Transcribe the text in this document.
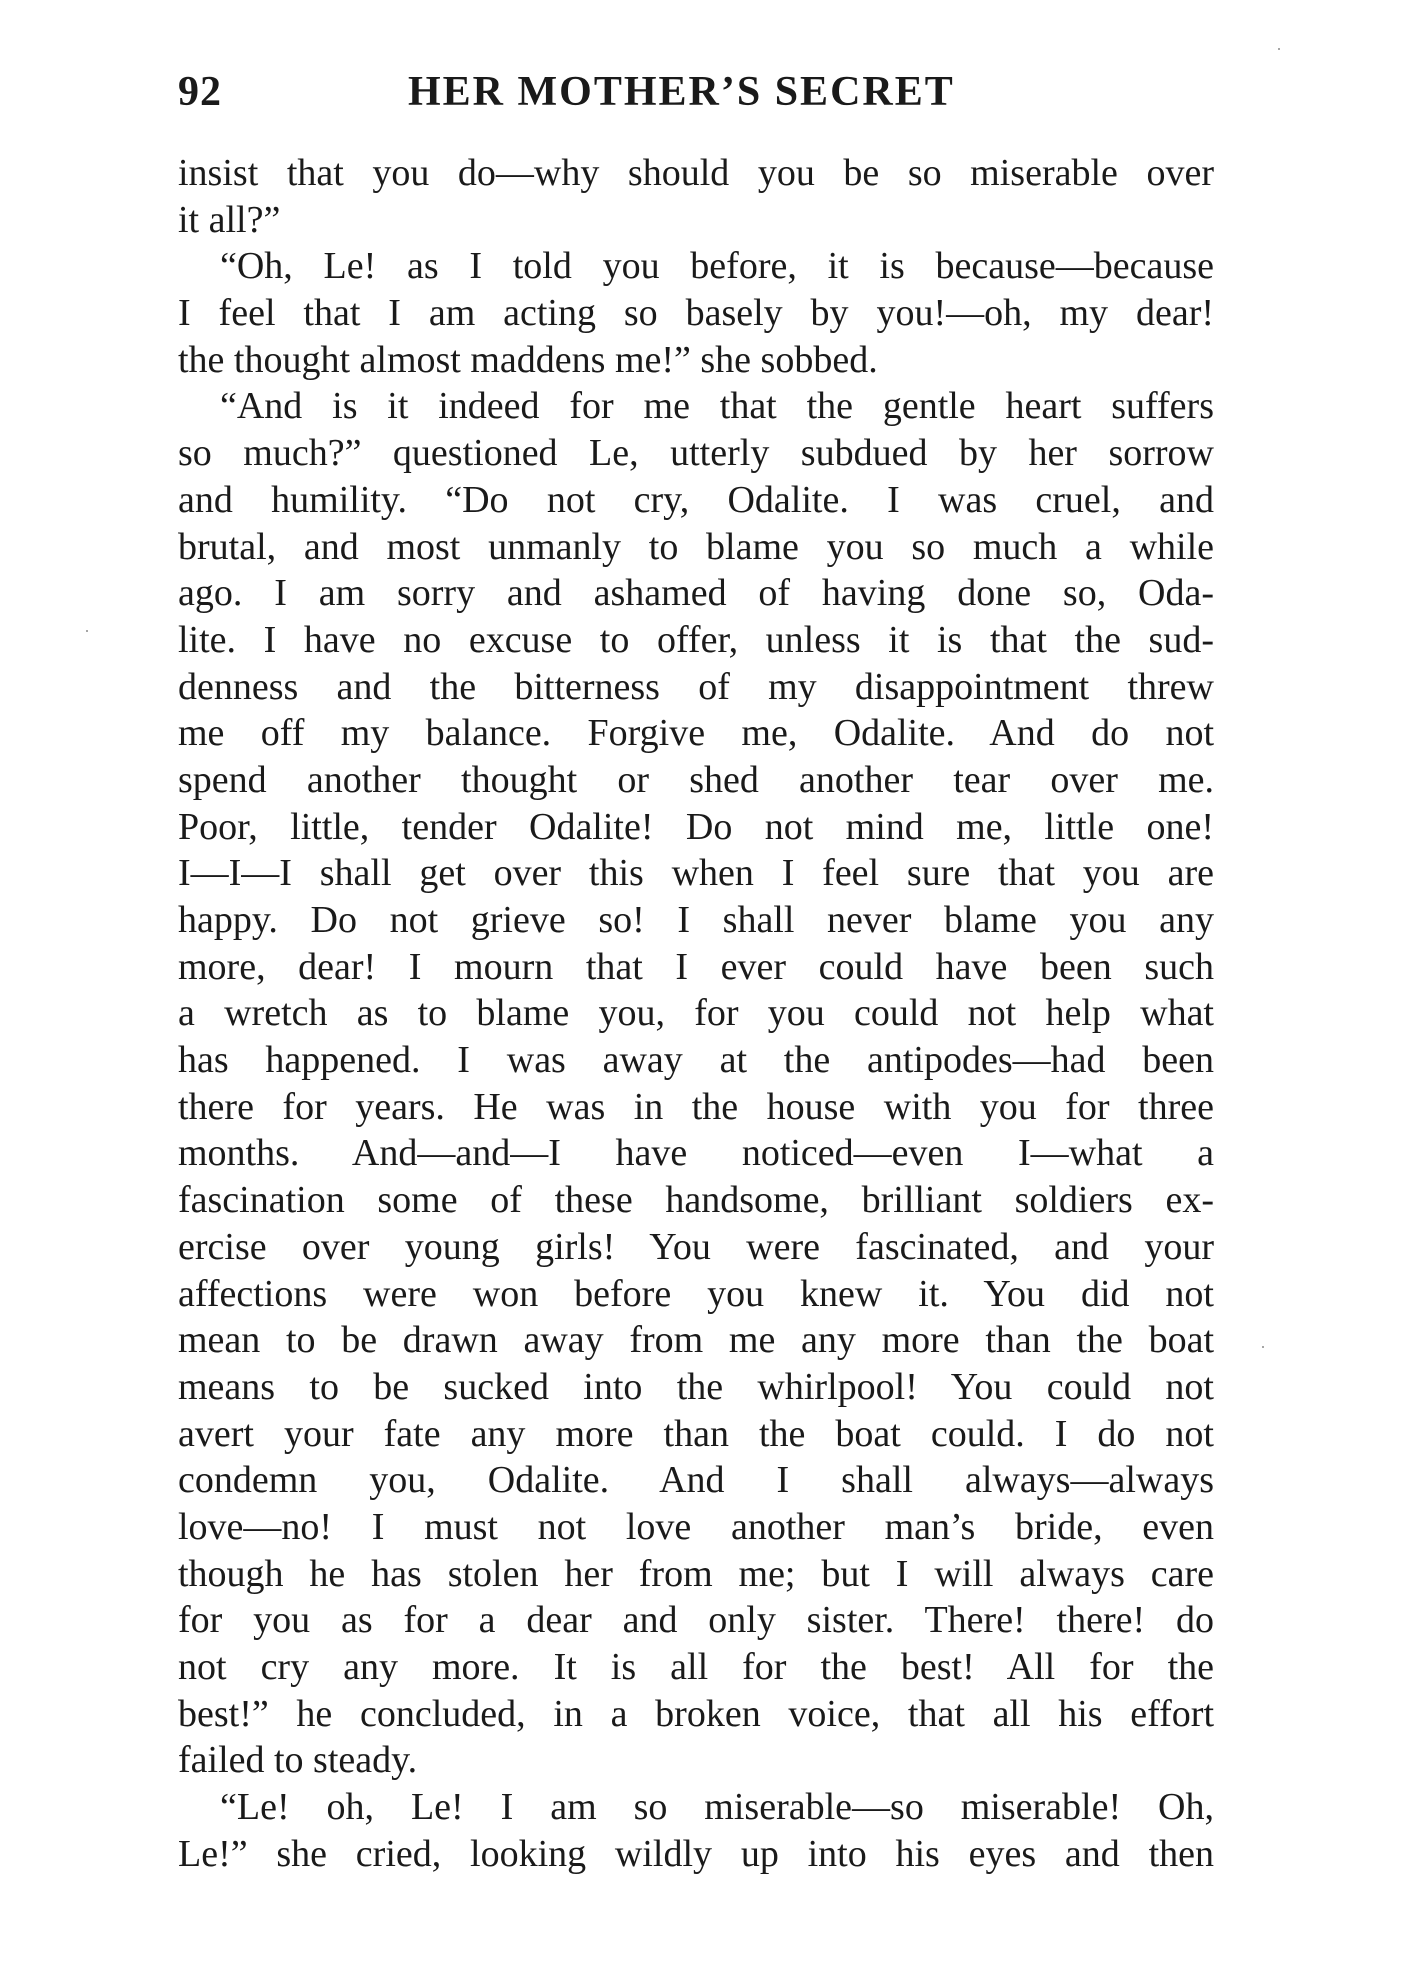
92	HER MOTHER’S SECRET
insist that you do—why should you be so miserable over
it all?”
“Oh, Le! as I told you before, it is because—because
I feel that I am acting so basely by you!—oh, my dear!
the thought almost maddens me!” she sobbed.
“And is it indeed for me that the gentle heart suffers
so much?” questioned Le, utterly subdued by her sorrow
and humility. “Do not cry, Odalite. I was cruel, and
brutal, and most unmanly to blame you so much a while
ago. I am sorry and ashamed of having done so, Oda-
lite. I have no excuse to offer, unless it is that the sud-
denness and the bitterness of my disappointment threw
me off my balance. Forgive me, Odalite. And do not
spend another thought or shed another tear over me.
Poor, little, tender Odalite! Do not mind me, little one!
I—I—I shall get over this when I feel sure that you are
happy. Do not grieve so! I shall never blame you any
more, dear! I mourn that I ever could have been such
a wretch as to blame you, for you could not help what
has happened. I was away at the antipodes—had been
there for years. He was in the house with you for three
months. And—and—I have noticed—even I—what a
fascination some of these handsome, brilliant soldiers ex-
ercise over young girls! You were fascinated, and your
affections were won before you knew it. You did not
mean to be drawn away from me any more than the boat
means to be sucked into the whirlpool! You could not
avert your fate any more than the boat could. I do not
condemn you, Odalite. And I shall always—always
love—no! I must not love another man’s bride, even
though he has stolen her from me; but I will always care
for you as for a dear and only sister. There! there! do
not cry any more. It is all for the best! All for the
best!” he concluded, in a broken voice, that all his effort
failed to steady.
“Le! oh, Le! I am so miserable—so miserable! Oh,
Le!” she cried, looking wildly up into his eyes and then
